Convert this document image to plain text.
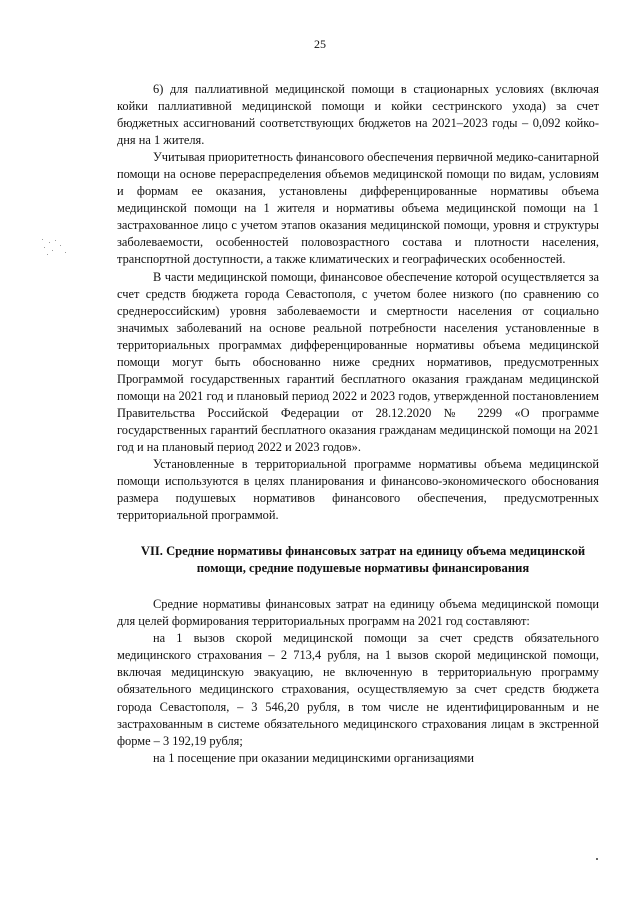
25

6) для паллиативной медицинской помощи в стационарных условиях (включая койки паллиативной медицинской помощи и койки сестринского ухода) за счет бюджетных ассигнований соответствующих бюджетов на 2021–2023 годы – 0,092 койко-дня на 1 жителя.

Учитывая приоритетность финансового обеспечения первичной медико-санитарной помощи на основе перераспределения объемов медицинской помощи по видам, условиям и формам ее оказания, установлены дифференцированные нормативы объема медицинской помощи на 1 жителя и нормативы объема медицинской помощи на 1 застрахованное лицо с учетом этапов оказания медицинской помощи, уровня и структуры заболеваемости, особенностей половозрастного состава и плотности населения, транспортной доступности, а также климатических и географических особенностей.

В части медицинской помощи, финансовое обеспечение которой осуществляется за счет средств бюджета города Севастополя, с учетом более низкого (по сравнению со среднероссийским) уровня заболеваемости и смертности населения от социально значимых заболеваний на основе реальной потребности населения установленные в территориальных программах дифференцированные нормативы объема медицинской помощи могут быть обоснованно ниже средних нормативов, предусмотренных Программой государственных гарантий бесплатного оказания гражданам медицинской помощи на 2021 год и плановый период 2022 и 2023 годов, утвержденной постановлением Правительства Российской Федерации от 28.12.2020 № 2299 «О программе государственных гарантий бесплатного оказания гражданам медицинской помощи на 2021 год и на плановый период 2022 и 2023 годов».

Установленные в территориальной программе нормативы объема медицинской помощи используются в целях планирования и финансово-экономического обоснования размера подушевых нормативов финансового обеспечения, предусмотренных территориальной программой.

VII. Средние нормативы финансовых затрат на единицу объема медицинской помощи, средние подушевые нормативы финансирования

Средние нормативы финансовых затрат на единицу объема медицинской помощи для целей формирования территориальных программ на 2021 год составляют:

на 1 вызов скорой медицинской помощи за счет средств обязательного медицинского страхования – 2 713,4 рубля, на 1 вызов скорой медицинской помощи, включая медицинскую эвакуацию, не включенную в территориальную программу обязательного медицинского страхования, осуществляемую за счет средств бюджета города Севастополя, – 3 546,20 рубля, в том числе не идентифицированным и не застрахованным в системе обязательного медицинского страхования лицам в экстренной форме – 3 192,19 рубля;

на 1 посещение при оказании медицинскими организациями
